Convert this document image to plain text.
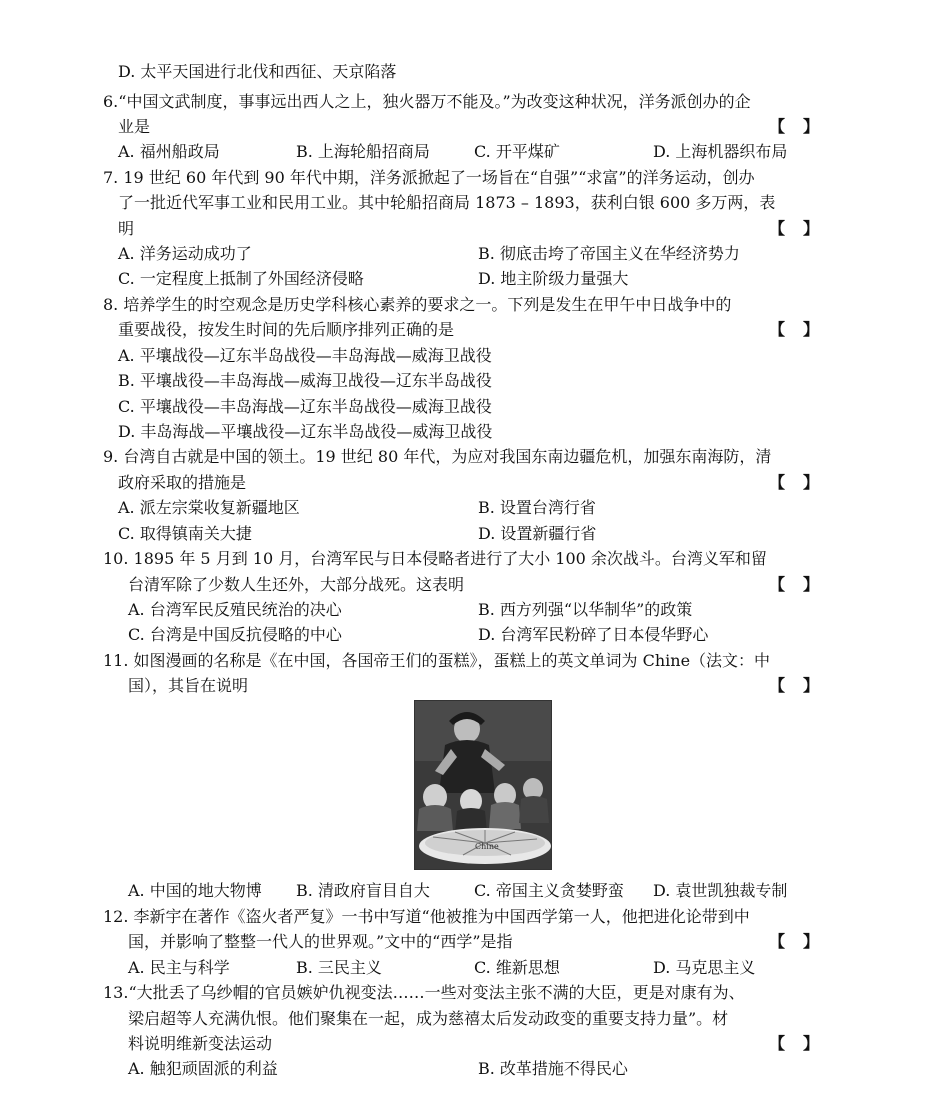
D. 太平天国进行北伐和西征、天京陷落
6.“中国文武制度，事事远出西人之上，独火器万不能及。”为改变这种状况，洋务派创办的企
业是	【】
A. 福州船政局	B. 上海轮船招商局	C. 开平煤矿	D. 上海机器织布局
7. 19 世纪 60 年代到 90 年代中期，洋务派掀起了一场旨在“自强”“求富”的洋务运动，创办
了一批近代军事工业和民用工业。其中轮船招商局 1873 – 1893，获利白银 600 多万两，表
明	【】
A. 洋务运动成功了	B. 彻底击垮了帝国主义在华经济势力
C. 一定程度上抵制了外国经济侵略	D. 地主阶级力量强大
8. 培养学生的时空观念是历史学科核心素养的要求之一。下列是发生在甲午中日战争中的
重要战役，按发生时间的先后顺序排列正确的是	【】
A. 平壤战役—辽东半岛战役—丰岛海战—威海卫战役
B. 平壤战役—丰岛海战—威海卫战役—辽东半岛战役
C. 平壤战役—丰岛海战—辽东半岛战役—威海卫战役
D. 丰岛海战—平壤战役—辽东半岛战役—威海卫战役
9. 台湾自古就是中国的领土。19 世纪 80 年代，为应对我国东南边疆危机，加强东南海防，清
政府采取的措施是	【】
A. 派左宗棠收复新疆地区	B. 设置台湾行省
C. 取得镇南关大捷	D. 设置新疆行省
10. 1895 年 5 月到 10 月，台湾军民与日本侵略者进行了大小 100 余次战斗。台湾义军和留
台清军除了少数人生还外，大部分战死。这表明	【】
A. 台湾军民反殖民统治的决心	B. 西方列强“以华制华”的政策
C. 台湾是中国反抗侵略的中心	D. 台湾军民粉碎了日本侵华野心
11. 如图漫画的名称是《在中国，各国帝王们的蛋糕》，蛋糕上的英文单词为 Chine（法文：中
国），其旨在说明	【】
Chine
A. 中国的地大物博 B. 清政府盲目自大	C. 帝国主义贪婪野蛮 D. 袁世凯独裁专制
12. 李新宇在著作《盗火者严复》一书中写道“他被推为中国西学第一人，他把进化论带到中
国，并影响了整整一代人的世界观。”文中的“西学”是指	【】
A. 民主与科学	B. 三民主义	C. 维新思想	D. 马克思主义
13.“大批丢了乌纱帽的官员嫉妒仇视变法……一些对变法主张不满的大臣，更是对康有为、
梁启超等人充满仇恨。他们聚集在一起，成为慈禧太后发动政变的重要支持力量”。材
料说明维新变法运动	【】
A. 触犯顽固派的利益	B. 改革措施不得民心
